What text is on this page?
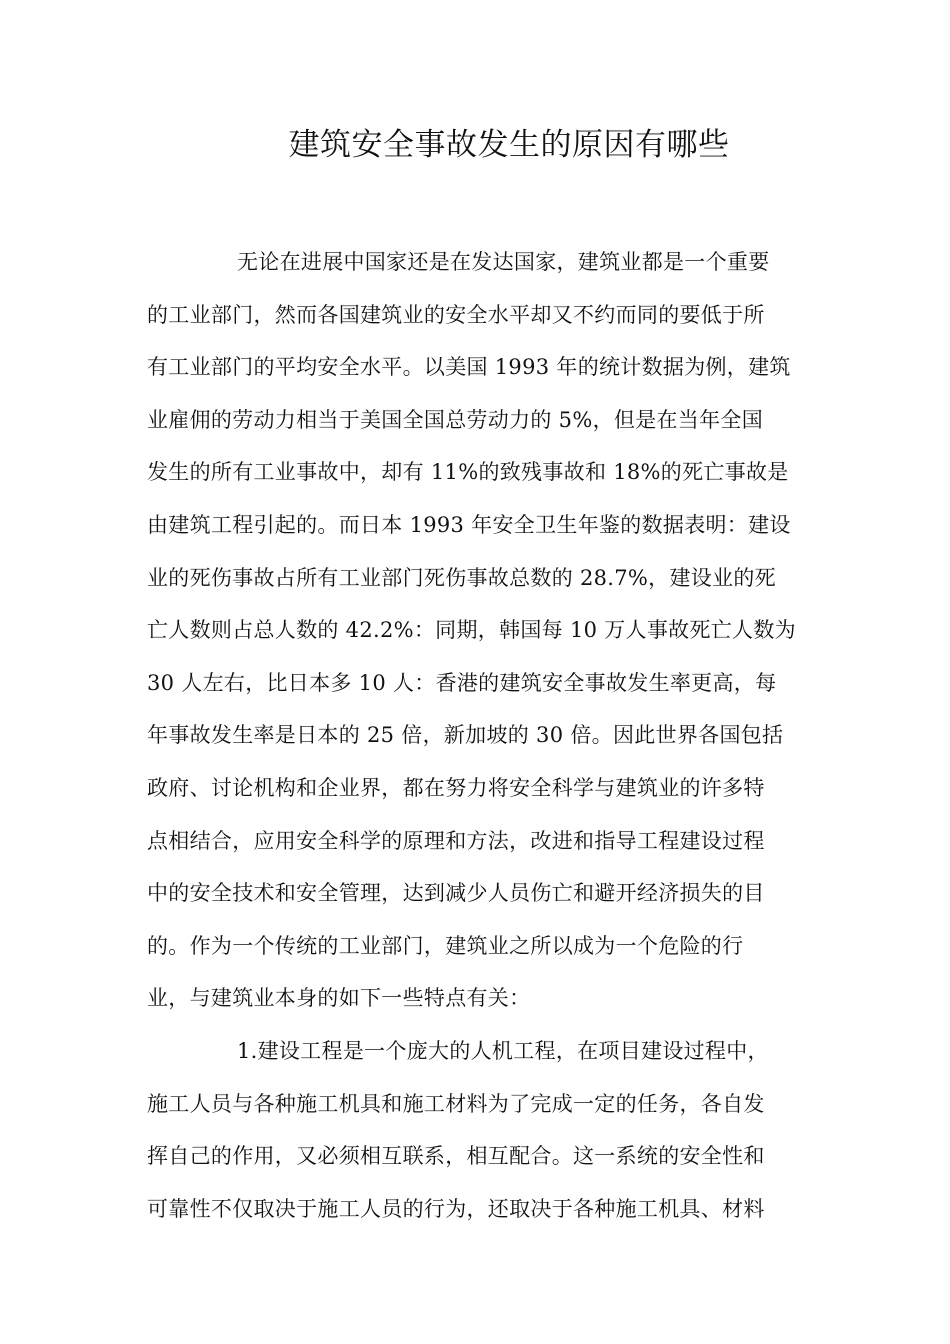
建筑安全事故发生的原因有哪些
无论在进展中国家还是在发达国家，建筑业都是一个重要
的工业部门，然而各国建筑业的安全水平却又不约而同的要低于所
有工业部门的平均安全水平。以美国 1993 年的统计数据为例，建筑
业雇佣的劳动力相当于美国全国总劳动力的 5%，但是在当年全国
发生的所有工业事故中，却有 11%的致残事故和 18%的死亡事故是
由建筑工程引起的。而日本 1993 年安全卫生年鉴的数据表明：建设
业的死伤事故占所有工业部门死伤事故总数的 28.7%，建设业的死
亡人数则占总人数的 42.2%：同期，韩国每 10 万人事故死亡人数为
30 人左右，比日本多 10 人：香港的建筑安全事故发生率更高，每
年事故发生率是日本的 25 倍，新加坡的 30 倍。因此世界各国包括
政府、讨论机构和企业界，都在努力将安全科学与建筑业的许多特
点相结合，应用安全科学的原理和方法，改进和指导工程建设过程
中的安全技术和安全管理，达到减少人员伤亡和避开经济损失的目
的。作为一个传统的工业部门，建筑业之所以成为一个危险的行
业，与建筑业本身的如下一些特点有关：
1.建设工程是一个庞大的人机工程，在项目建设过程中，
施工人员与各种施工机具和施工材料为了完成一定的任务，各自发
挥自己的作用，又必须相互联系，相互配合。这一系统的安全性和
可靠性不仅取决于施工人员的行为，还取决于各种施工机具、材料
